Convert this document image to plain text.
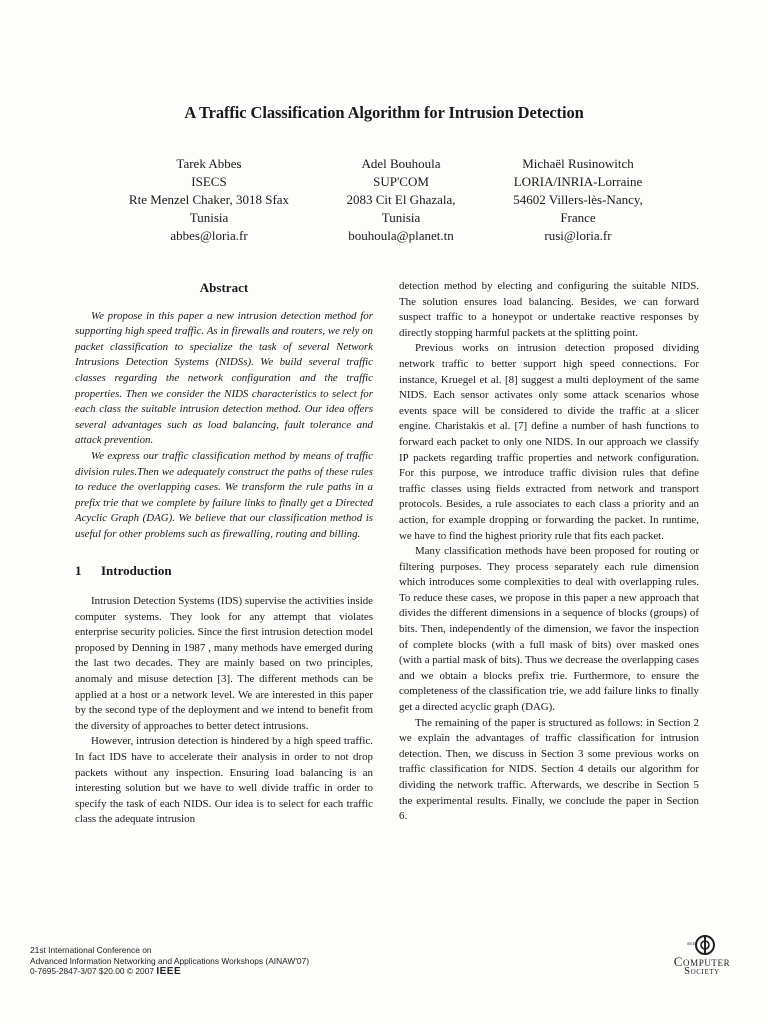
A Traffic Classification Algorithm for Intrusion Detection
Tarek Abbes
ISECS
Rte Menzel Chaker, 3018 Sfax
Tunisia
abbes@loria.fr
Adel Bouhoula
SUP'COM
2083 Cit El Ghazala,
Tunisia
bouhoula@planet.tn
Michaël Rusinowitch
LORIA/INRIA-Lorraine
54602 Villers-lès-Nancy,
France
rusi@loria.fr
Abstract

We propose in this paper a new intrusion detection method for supporting high speed traffic. As in firewalls and routers, we rely on packet classification to specialize the task of several Network Intrusions Detection Systems (NIDSs). We build several traffic classes regarding the network configuration and the traffic properties. Then we consider the NIDS characteristics to select for each class the suitable intrusion detection method. Our idea offers several advantages such as load balancing, fault tolerance and attack prevention.

We express our traffic classification method by means of traffic division rules.Then we adequately construct the paths of these rules to reduce the overlapping cases. We transform the rule paths in a prefix trie that we complete by failure links to finally get a Directed Acyclic Graph (DAG). We believe that our classification method is useful for other problems such as firewalling, routing and billing.

1	Introduction

Intrusion Detection Systems (IDS) supervise the activities inside computer systems. They look for any attempt that violates enterprise security policies. Since the first intrusion detection model proposed by Denning in 1987 , many methods have emerged during the last two decades. They are mainly based on two principles, anomaly and misuse detection [3]. The different methods can be applied at a host or a network level. We are interested in this paper by the second type of the deployment and we intend to benefit from the diversity of approaches to better detect intrusions.

However, intrusion detection is hindered by a high speed traffic. In fact IDS have to accelerate their analysis in order to not drop packets without any inspection. Ensuring load balancing is an interesting solution but we have to well divide traffic in order to specify the task of each NIDS. Our idea is to select for each traffic class the adequate intrusion

detection method by electing and configuring the suitable NIDS. The solution ensures load balancing. Besides, we can forward suspect traffic to a honeypot or undertake reactive responses by directly stopping harmful packets at the splitting point.

Previous works on intrusion detection proposed dividing network traffic to better support high speed connections. For instance, Kruegel et al. [8] suggest a multi deployment of the same NIDS. Each sensor activates only some attack scenarios whose events space will be considered to divide the traffic at a slicer engine. Charistakis et al. [7] define a number of hash functions to forward each packet to only one NIDS. In our approach we classify IP packets regarding traffic properties and network configuration. For this purpose, we introduce traffic division rules that define traffic classes using fields extracted from network and transport protocols. Besides, a rule associates to each class a priority and an action, for example dropping or forwarding the packet. In runtime, we have to find the highest priority rule that fits each packet.

Many classification methods have been proposed for routing or filtering purposes. They process separately each rule dimension which introduces some complexities to deal with overlapping rules. To reduce these cases, we propose in this paper a new approach that divides the different dimensions in a sequence of blocks (groups) of bits. Then, independently of the dimension, we favor the inspection of complete blocks (with a full mask of bits) over masked ones (with a partial mask of bits). Thus we decrease the overlapping cases and we obtain a blocks prefix trie. Furthermore, to ensure the completeness of the classification trie, we add failure links to finally get a directed acyclic graph (DAG).

The remaining of the paper is structured as follows: in Section 2 we explain the advantages of traffic classification for intrusion detection. Then, we discuss in Section 3 some previous works on traffic classification for NIDS. Section 4 details our algorithm for dividing the network traffic. Afterwards, we describe in Section 5 the experimental results. Finally, we conclude the paper in Section 6.

21st International Conference on
Advanced Information Networking and Applications Workshops (AINAW'07)
0-7695-2847-3/07 $20.00 © 2007 IEEE
IEEE
Computer
Society
